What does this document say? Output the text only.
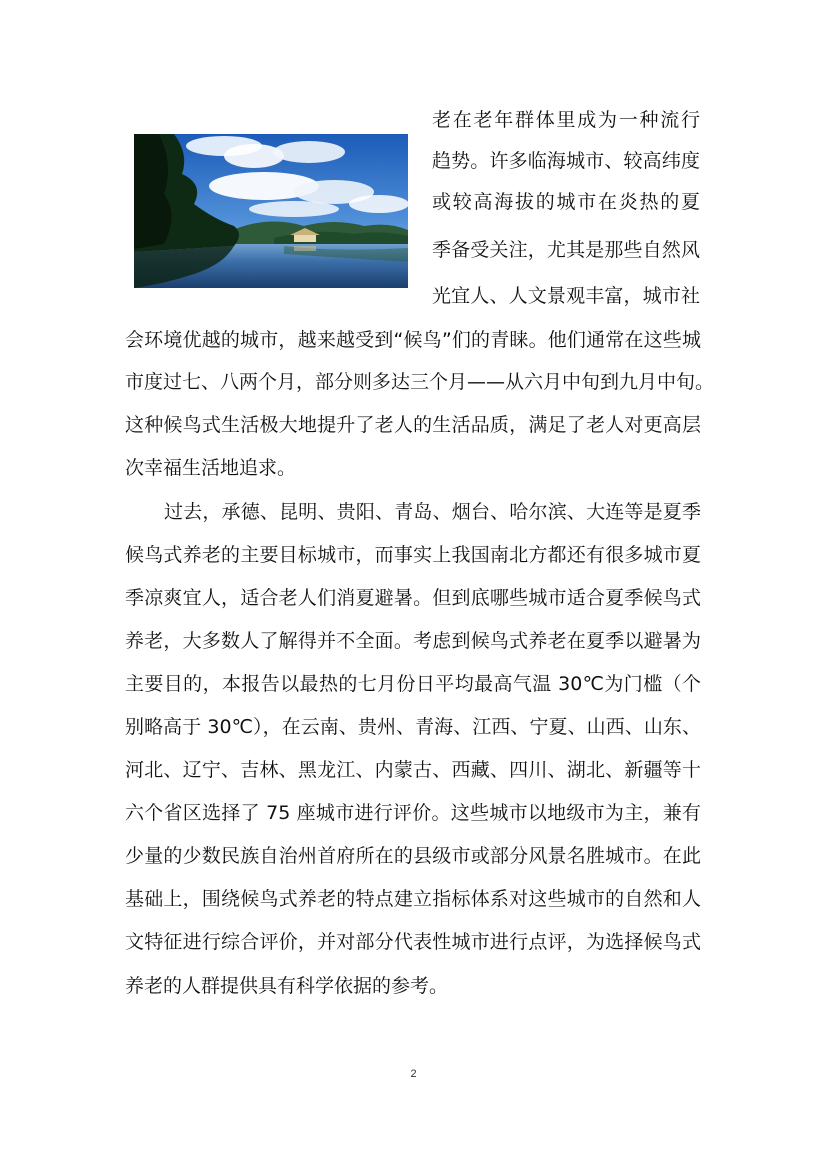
老在老年群体里成为一种流行
趋势。许多临海城市、较高纬度
或较高海拔的城市在炎热的夏
季备受关注，尤其是那些自然风
光宜人、人文景观丰富，城市社
会环境优越的城市，越来越受到“候鸟”们的青睐。他们通常在这些城
市度过七、八两个月，部分则多达三个月——从六月中旬到九月中旬。
这种候鸟式生活极大地提升了老人的生活品质，满足了老人对更高层
次幸福生活地追求。
过去，承德、昆明、贵阳、青岛、烟台、哈尔滨、大连等是夏季
候鸟式养老的主要目标城市，而事实上我国南北方都还有很多城市夏
季凉爽宜人，适合老人们消夏避暑。但到底哪些城市适合夏季候鸟式
养老，大多数人了解得并不全面。考虑到候鸟式养老在夏季以避暑为
主要目的，本报告以最热的七月份日平均最高气温 30℃为门槛（个
别略高于 30℃），在云南、贵州、青海、江西、宁夏、山西、山东、
河北、辽宁、吉林、黑龙江、内蒙古、西藏、四川、湖北、新疆等十
六个省区选择了 75 座城市进行评价。这些城市以地级市为主，兼有
少量的少数民族自治州首府所在的县级市或部分风景名胜城市。在此
基础上，围绕候鸟式养老的特点建立指标体系对这些城市的自然和人
文特征进行综合评价，并对部分代表性城市进行点评，为选择候鸟式
养老的人群提供具有科学依据的参考。
2
